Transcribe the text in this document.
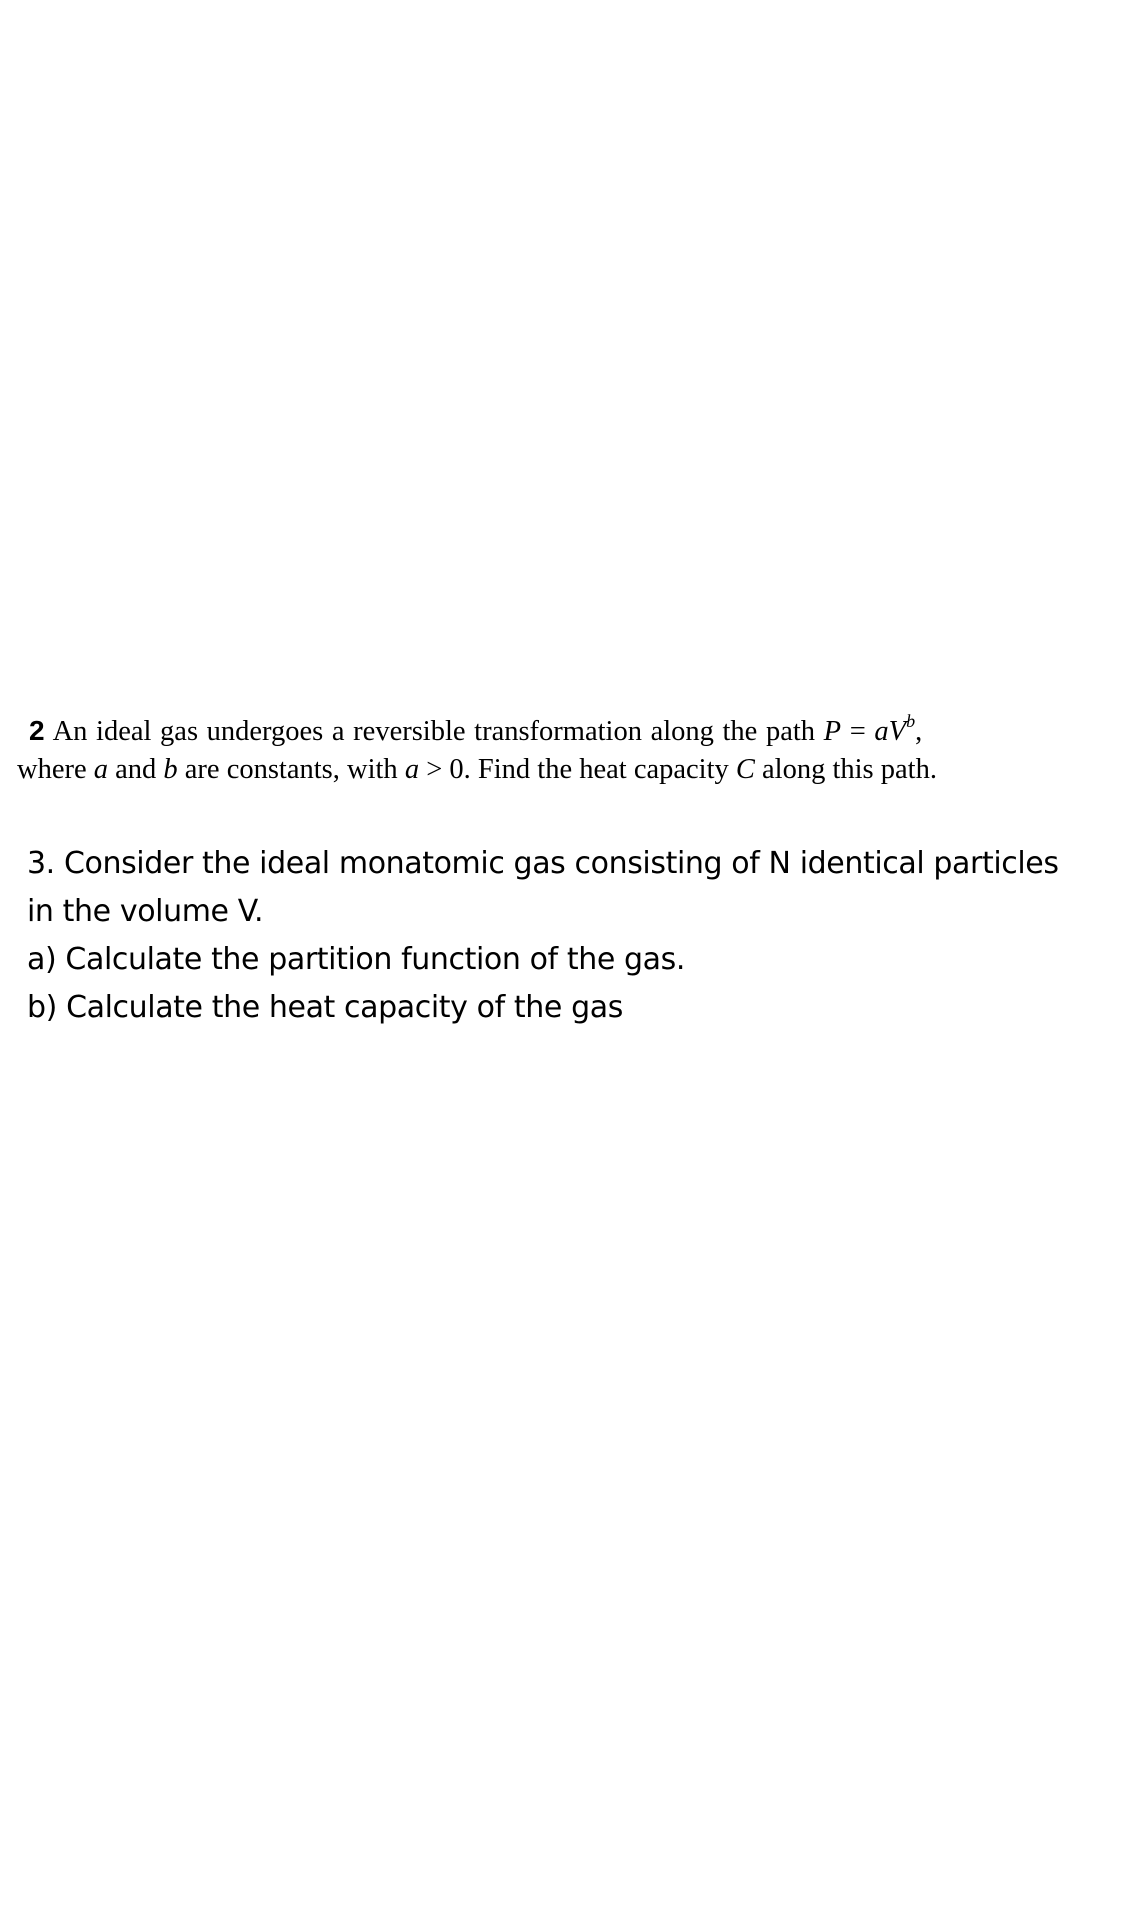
2 An ideal gas undergoes a reversible transformation along the path $P = aV^b$,
where a and b are constants, with a > 0. Find the heat capacity C along this path.
3. Consider the ideal monatomic gas consisting of N identical particles
in the volume V.
a) Calculate the partition function of the gas.
b) Calculate the heat capacity of the gas
